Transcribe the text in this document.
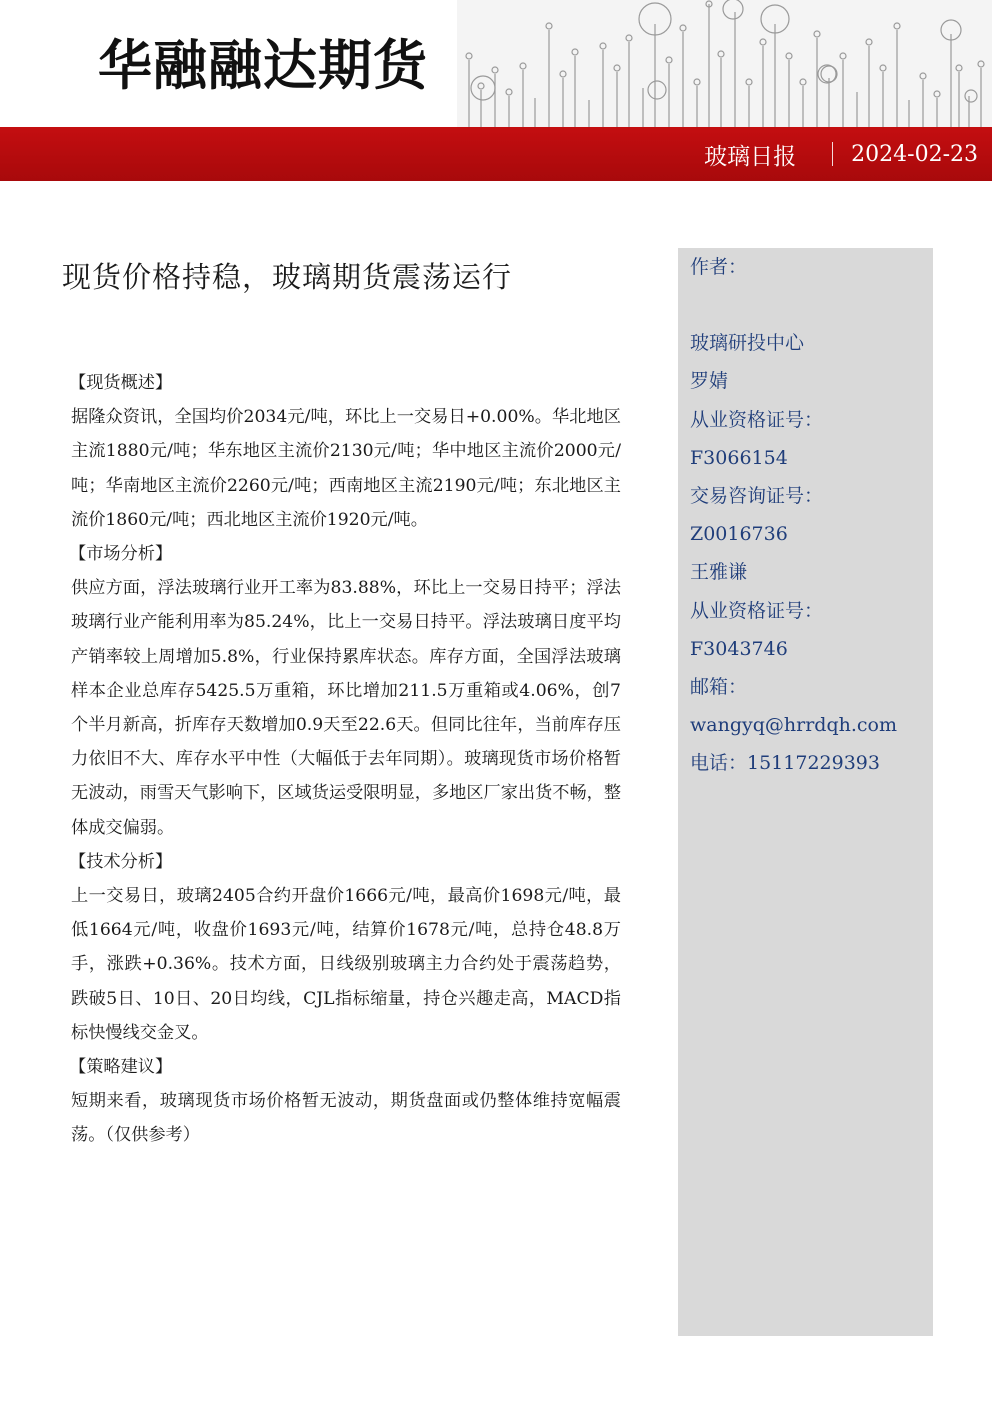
华融融达期货
玻璃日报	2024-02-23
现货价格持稳，玻璃期货震荡运行
【现货概述】

据隆众资讯，全国均价2034元/吨，环比上一交易日+0.00%。华北地区主流1880元/吨；华东地区主流价2130元/吨；华中地区主流价2000元/吨；华南地区主流价2260元/吨；西南地区主流2190元/吨；东北地区主流价1860元/吨；西北地区主流价1920元/吨。

【市场分析】

供应方面，浮法玻璃行业开工率为83.88%，环比上一交易日持平；浮法玻璃行业产能利用率为85.24%，比上一交易日持平。浮法玻璃日度平均产销率较上周增加5.8%，行业保持累库状态。库存方面，全国浮法玻璃样本企业总库存5425.5万重箱，环比增加211.5万重箱或4.06%，创7个半月新高，折库存天数增加0.9天至22.6天。但同比往年，当前库存压力依旧不大、库存水平中性（大幅低于去年同期）。玻璃现货市场价格暂无波动，雨雪天气影响下，区域货运受限明显，多地区厂家出货不畅，整体成交偏弱。

【技术分析】

上一交易日，玻璃2405合约开盘价1666元/吨，最高价1698元/吨，最低1664元/吨，收盘价1693元/吨，结算价1678元/吨，总持仓48.8万手，涨跌+0.36%。技术方面，日线级别玻璃主力合约处于震荡趋势，跌破5日、10日、20日均线，CJL指标缩量，持仓兴趣走高，MACD指标快慢线交金叉。

【策略建议】

短期来看，玻璃现货市场价格暂无波动，期货盘面或仍整体维持宽幅震荡。（仅供参考）

作者：
玻璃研投中心
罗婧
从业资格证号：
F3066154
交易咨询证号：
Z0016736
王雅谦
从业资格证号：
F3043746
邮箱：
wangyq@hrrdqh.com
电话：15117229393
